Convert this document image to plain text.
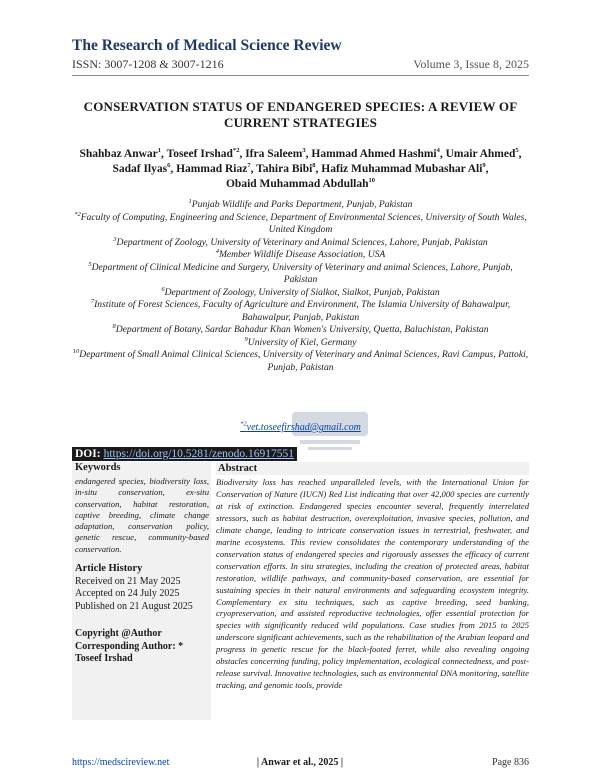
The Research of Medical Science Review
ISSN: 3007-1208 & 3007-1216	Volume 3, Issue 8, 2025
CONSERVATION STATUS OF ENDANGERED SPECIES: A REVIEW OF CURRENT STRATEGIES
Shahbaz Anwar$^1$, Toseef Irshad$^{*2}$, Ifra Saleem$^3$, Hammad Ahmed Hashmi$^4$, Umair Ahmed$^5$, Sadaf Ilyas$^6$, Hammad Riaz$^7$, Tahira Bibi$^8$, Hafiz Muhammad Mubashar Ali$^9$, Obaid Muhammad Abdullah$^{10}$
$^1$Punjab Wildlife and Parks Department, Punjab, Pakistan
$^{*2}$Faculty of Computing, Engineering and Science, Department of Environmental Sciences, University of South Wales, United Kingdom
$^3$Department of Zoology, University of Veterinary and Animal Sciences, Lahore, Punjab, Pakistan
$^4$Member Wildlife Disease Association, USA
$^5$Department of Clinical Medicine and Surgery, University of Veterinary and animal Sciences, Lahore, Punjab, Pakistan
$^6$Department of Zoology, University of Sialkot, Sialkot, Punjab, Pakistan
$^7$Institute of Forest Sciences, Faculty of Agriculture and Environment, The Islamia University of Bahawalpur, Bahawalpur, Punjab, Pakistan
$^8$Department of Botany, Sardar Bahadur Khan Women's University, Quetta, Baluchistan, Pakistan
$^9$University of Kiel, Germany
$^{10}$Department of Small Animal Clinical Sciences, University of Veterinary and Animal Sciences, Ravi Campus, Pattoki, Punjab, Pakistan
$^{*2}$vet.toseefirshad@gmail.com
DOI: https://doi.org/10.5281/zenodo.16917551
Keywords
endangered species, biodiversity loss, in-situ conservation, ex-situ conservation, habitat restoration, captive breeding, climate change adaptation, conservation policy, genetic rescue, community-based conservation.
Article History
Received on 21 May 2025
Accepted on 24 July 2025
Published on 21 August 2025
Copyright @Author
Corresponding Author: *
Toseef Irshad
Abstract
Biodiversity loss has reached unparalleled levels, with the International Union for Conservation of Nature (IUCN) Red List indicating that over 42,000 species are currently at risk of extinction. Endangered species encounter several, frequently interrelated stressors, such as habitat destruction, overexploitation, invasive species, pollution, and climate change, leading to intricate conservation issues in terrestrial, freshwater, and marine ecosystems. This review consolidates the contemporary understanding of the conservation status of endangered species and rigorously assesses the efficacy of current conservation efforts. In situ strategies, including the creation of protected areas, habitat restoration, wildlife pathways, and community-based conservation, are essential for sustaining species in their natural environments and safeguarding ecosystem integrity. Complementary ex situ techniques, such as captive breeding, seed banking, cryopreservation, and assisted reproductive technologies, offer essential protection for species with significantly reduced wild populations. Case studies from 2015 to 2025 underscore significant achievements, such as the rehabilitation of the Arabian leopard and progress in genetic rescue for the black-footed ferret, while also revealing ongoing obstacles concerning funding, policy implementation, ecological connectedness, and post-release survival. Innovative technologies, such as environmental DNA monitoring, satellite tracking, and genomic tools, provide
https://medscireview.net	| Anwar et al., 2025 |	Page 836
